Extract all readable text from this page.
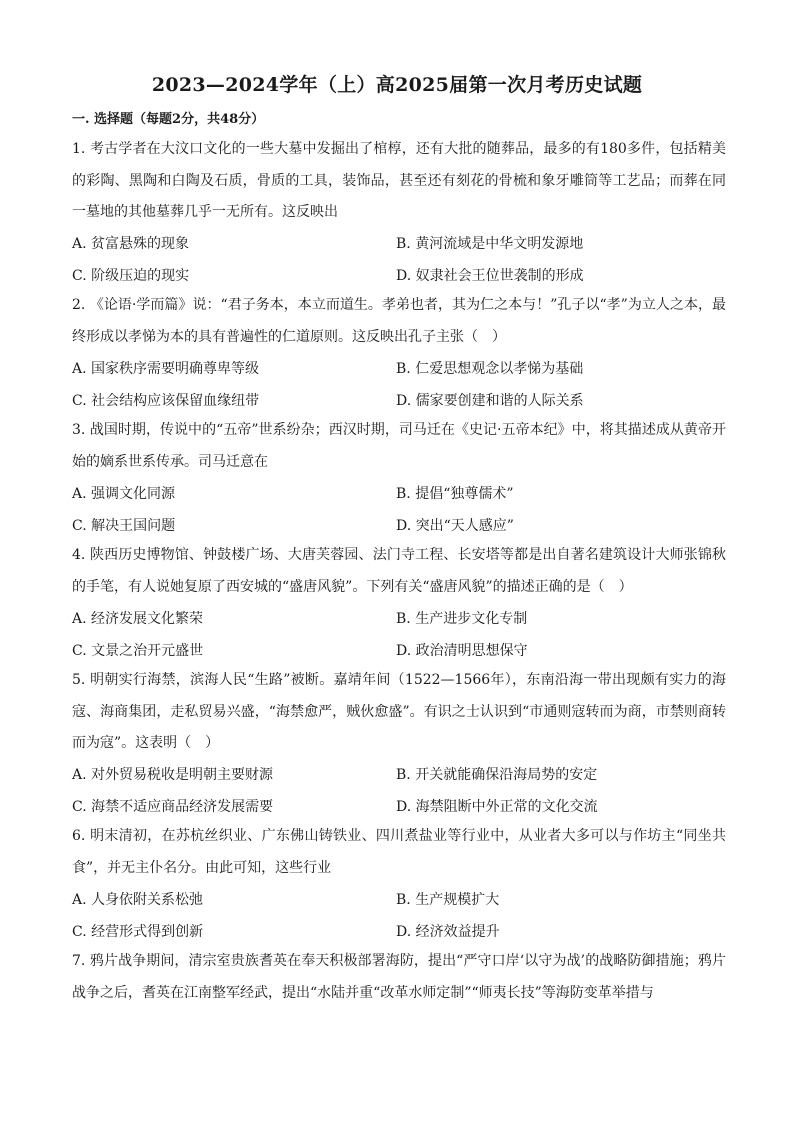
2023—2024学年（上）高2025届第一次月考历史试题
一. 选择题（每题2分，共48分）
1. 考古学者在大汶口文化的一些大墓中发掘出了棺椁，还有大批的随葬品，最多的有180多件，包括精美的彩陶、黑陶和白陶及石质，骨质的工具，装饰品，甚至还有刻花的骨梳和象牙雕筒等工艺品；而葬在同一墓地的其他墓葬几乎一无所有。这反映出
A. 贫富悬殊的现象	B. 黄河流域是中华文明发源地
C. 阶级压迫的现实	D. 奴隶社会王位世袭制的形成
2. 《论语·学而篇》说：“君子务本，本立而道生。孝弟也者，其为仁之本与！”孔子以“孝”为立人之本，最终形成以孝悌为本的具有普遍性的仁道原则。这反映出孔子主张（　）
A. 国家秩序需要明确尊卑等级	B. 仁爱思想观念以孝悌为基础
C. 社会结构应该保留血缘纽带	D. 儒家要创建和谐的人际关系
3. 战国时期，传说中的“五帝”世系纷杂；西汉时期，司马迁在《史记·五帝本纪》中，将其描述成从黄帝开始的嫡系世系传承。司马迁意在
A. 强调文化同源	B. 提倡“独尊儒术”
C. 解决王国问题	D. 突出“天人感应”
4. 陕西历史博物馆、钟鼓楼广场、大唐芙蓉园、法门寺工程、长安塔等都是出自著名建筑设计大师张锦秋的手笔，有人说她复原了西安城的“盛唐风貌”。下列有关“盛唐风貌”的描述正确的是（　）
A. 经济发展文化繁荣	B. 生产进步文化专制
C. 文景之治开元盛世	D. 政治清明思想保守
5. 明朝实行海禁，滨海人民“生路”被断。嘉靖年间（1522—1566年），东南沿海一带出现颇有实力的海寇、海商集团，走私贸易兴盛，“海禁愈严，贼伙愈盛”。有识之士认识到“市通则寇转而为商，市禁则商转而为寇”。这表明（　）
A. 对外贸易税收是明朝主要财源	B. 开关就能确保沿海局势的安定
C. 海禁不适应商品经济发展需要	D. 海禁阻断中外正常的文化交流
6. 明末清初，在苏杭丝织业、广东佛山铸铁业、四川煮盐业等行业中，从业者大多可以与作坊主“同坐共食”，并无主仆名分。由此可知，这些行业
A. 人身依附关系松弛	B. 生产规模扩大
C. 经营形式得到创新	D. 经济效益提升
7. 鸦片战争期间，清宗室贵族耆英在奉天积极部署海防，提出“严守口岸‘以守为战’的战略防御措施；鸦片战争之后，耆英在江南整军经武，提出“水陆并重“改革水师定制”“师夷长技”等海防变革举措与
